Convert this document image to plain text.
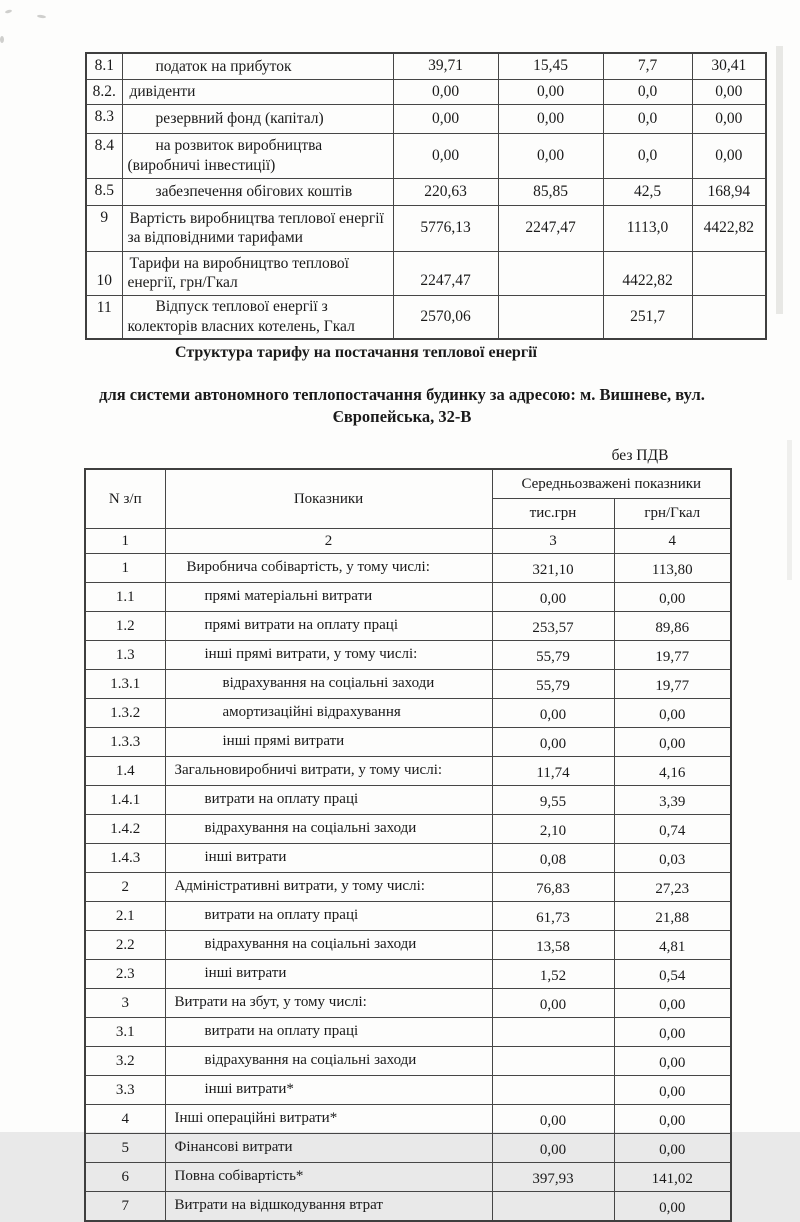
8.1	податок на прибуток	39,71	15,45	7,7	30,41
8.2.	дивіденти	0,00	0,00	0,0	0,00
8.3	резервний фонд (капітал)	0,00	0,00	0,0	0,00
8.4	на розвиток виробництва (виробничі інвестиції)	0,00	0,00	0,0	0,00
8.5	забезпечення обігових коштів	220,63	85,85	42,5	168,94
9	Вартість виробництва теплової енергії за відповідними тарифами	5776,13	2247,47	1113,0	4422,82
10	Тарифи на виробництво теплової енергії, грн/Гкал	2247,47		4422,82	
11	Відпуск теплової енергії з колекторів власних котелень, Гкал	2570,06		251,7	
Структура тарифу на постачання теплової енергії
для системи автономного теплопостачання будинку за адресою: м. Вишневе, вул. Європейська, 32-В
без ПДВ
N з/п	Показники	Середньозважені показники	
		тис.грн	грн/Гкал
1	2	3	4
1	Виробнича собівартість, у тому числі:	321,10	113,80
1.1	прямі матеріальні витрати	0,00	0,00
1.2	прямі витрати на оплату праці	253,57	89,86
1.3	інші прямі витрати, у тому числі:	55,79	19,77
1.3.1	відрахування на соціальні заходи	55,79	19,77
1.3.2	амортизаційні відрахування	0,00	0,00
1.3.3	інші прямі витрати	0,00	0,00
1.4	Загальновиробничі витрати, у тому числі:	11,74	4,16
1.4.1	витрати на оплату праці	9,55	3,39
1.4.2	відрахування на соціальні заходи	2,10	0,74
1.4.3	інші витрати	0,08	0,03
2	Адміністративні витрати, у тому числі:	76,83	27,23
2.1	витрати на оплату праці	61,73	21,88
2.2	відрахування на соціальні заходи	13,58	4,81
2.3	інші витрати	1,52	0,54
3	Витрати на збут, у тому числі:	0,00	0,00
3.1	витрати на оплату праці		0,00
3.2	відрахування на соціальні заходи		0,00
3.3	інші витрати*		0,00
4	Інші операційні витрати*	0,00	0,00
5	Фінансові витрати	0,00	0,00
6	Повна собівартість*	397,93	141,02
7	Витрати на відшкодування втрат		0,00
